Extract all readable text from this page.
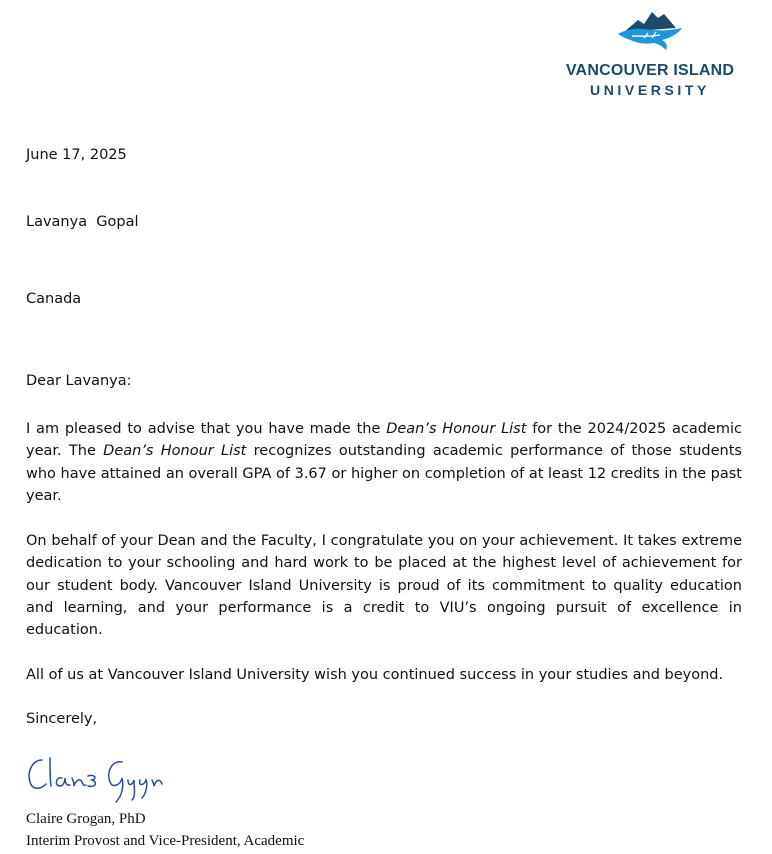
VANCOUVER ISLAND
UNIVERSITY
June 17, 2025
Lavanya  Gopal
Canada
Dear Lavanya:
I am pleased to advise that you have made the Dean’s Honour List for the 2024/2025 academic year. The Dean’s Honour List recognizes outstanding academic performance of those students who have attained an overall GPA of 3.67 or higher on completion of at least 12 credits in the past year.
On behalf of your Dean and the Faculty, I congratulate you on your achievement. It takes extreme dedication to your schooling and hard work to be placed at the highest level of achievement for our student body. Vancouver Island University is proud of its commitment to quality education and learning, and your performance is a credit to VIU’s ongoing pursuit of excellence in education.
All of us at Vancouver Island University wish you continued success in your studies and beyond.
Sincerely,
Claire Grogan, PhD
Interim Provost and Vice-President, Academic
